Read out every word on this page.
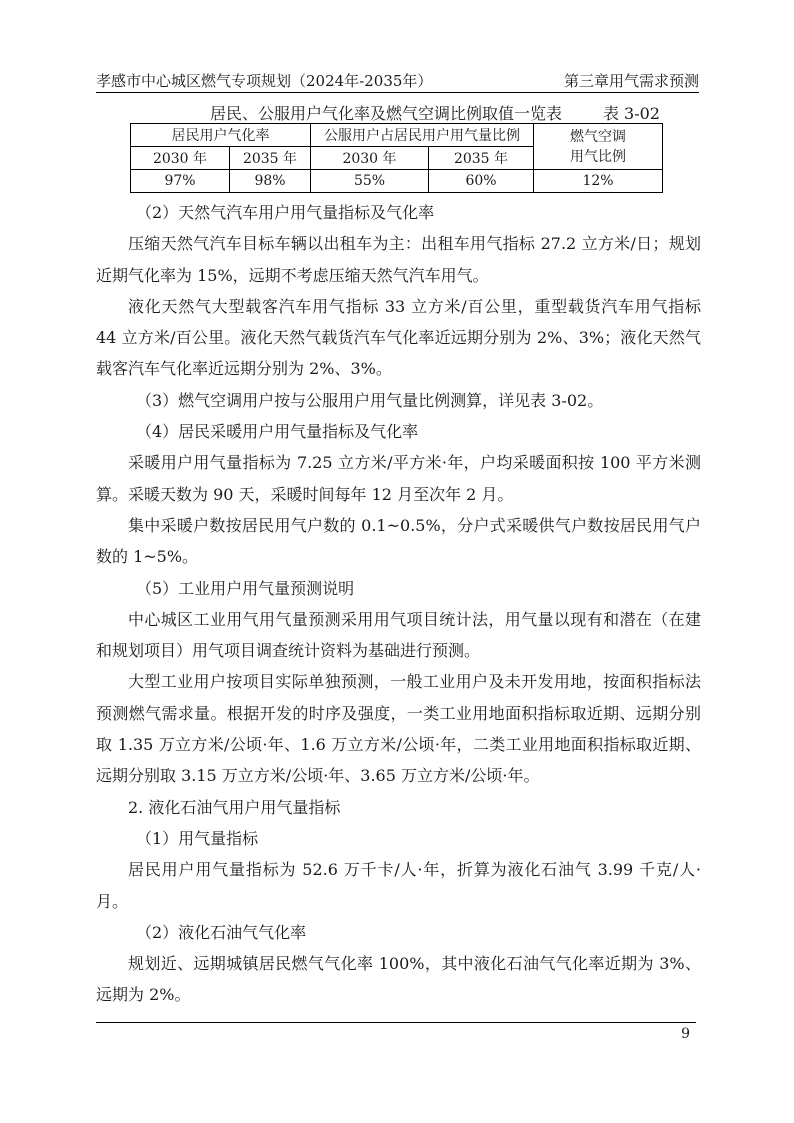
孝感市中心城区燃气专项规划（2024年-2035年）	第三章用气需求预测
居民、公服用户气化率及燃气空调比例取值一览表	表 3-02
居民用户气化率		公服用户占居民用户用气量比例		燃气空调用气比例
2030 年	2035 年	2030 年	2035 年	
97%	98%	55%	60%	12%

（2）天然气汽车用户用气量指标及气化率

压缩天然气汽车目标车辆以出租车为主：出租车用气指标 27.2 立方米/日；规划近期气化率为 15%，远期不考虑压缩天然气汽车用气。

液化天然气大型载客汽车用气指标 33 立方米/百公里，重型载货汽车用气指标 44 立方米/百公里。液化天然气载货汽车气化率近远期分别为 2%、3%；液化天然气载客汽车气化率近远期分别为 2%、3%。

（3）燃气空调用户按与公服用户用气量比例测算，详见表 3-02。

（4）居民采暖用户用气量指标及气化率

采暖用户用气量指标为 7.25 立方米/平方米·年，户均采暖面积按 100 平方米测算。采暖天数为 90 天，采暖时间每年 12 月至次年 2 月。

集中采暖户数按居民用气户数的 0.1~0.5%，分户式采暖供气户数按居民用气户数的 1~5%。

（5）工业用户用气量预测说明

中心城区工业用气用气量预测采用用气项目统计法，用气量以现有和潜在（在建和规划项目）用气项目调查统计资料为基础进行预测。

大型工业用户按项目实际单独预测，一般工业用户及未开发用地，按面积指标法预测燃气需求量。根据开发的时序及强度，一类工业用地面积指标取近期、远期分别取 1.35 万立方米/公顷·年、1.6 万立方米/公顷·年，二类工业用地面积指标取近期、远期分别取 3.15 万立方米/公顷·年、3.65 万立方米/公顷·年。

2. 液化石油气用户用气量指标

（1）用气量指标

居民用户用气量指标为 52.6 万千卡/人·年，折算为液化石油气 3.99 千克/人·月。

（2）液化石油气气化率

规划近、远期城镇居民燃气气化率 100%，其中液化石油气气化率近期为 3%、远期为 2%。

9
